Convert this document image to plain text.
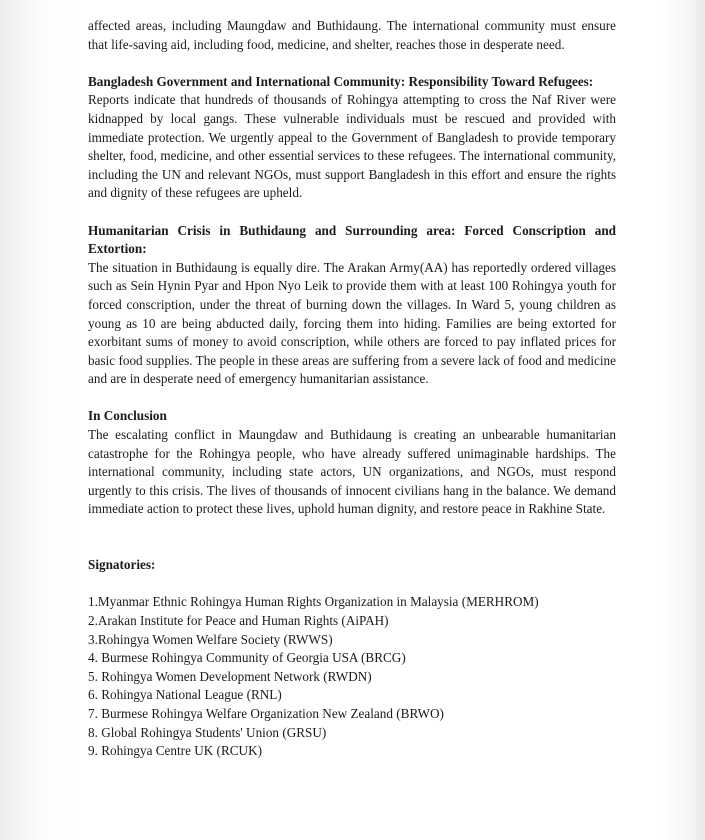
affected areas, including Maungdaw and Buthidaung. The international community must ensure that life-saving aid, including food, medicine, and shelter, reaches those in desperate need.

Bangladesh Government and International Community: Responsibility Toward Refugees:

Reports indicate that hundreds of thousands of Rohingya attempting to cross the Naf River were kidnapped by local gangs. These vulnerable individuals must be rescued and provided with immediate protection. We urgently appeal to the Government of Bangladesh to provide temporary shelter, food, medicine, and other essential services to these refugees. The international community, including the UN and relevant NGOs, must support Bangladesh in this effort and ensure the rights and dignity of these refugees are upheld.

Humanitarian Crisis in Buthidaung and Surrounding area: Forced Conscription and Extortion:

The situation in Buthidaung is equally dire. The Arakan Army(AA) has reportedly ordered villages such as Sein Hynin Pyar and Hpon Nyo Leik to provide them with at least 100 Rohingya youth for forced conscription, under the threat of burning down the villages. In Ward 5, young children as young as 10 are being abducted daily, forcing them into hiding. Families are being extorted for exorbitant sums of money to avoid conscription, while others are forced to pay inflated prices for basic food supplies. The people in these areas are suffering from a severe lack of food and medicine and are in desperate need of emergency humanitarian assistance.

In Conclusion

The escalating conflict in Maungdaw and Buthidaung is creating an unbearable humanitarian catastrophe for the Rohingya people, who have already suffered unimaginable hardships. The international community, including state actors, UN organizations, and NGOs, must respond urgently to this crisis. The lives of thousands of innocent civilians hang in the balance. We demand immediate action to protect these lives, uphold human dignity, and restore peace in Rakhine State.

Signatories:

1.Myanmar Ethnic Rohingya Human Rights Organization in Malaysia (MERHROM)
2.Arakan Institute for Peace and Human Rights (AiPAH)
3.Rohingya Women Welfare Society (RWWS)
4. Burmese Rohingya Community of Georgia USA (BRCG)
5. Rohingya Women Development Network (RWDN)
6. Rohingya National League (RNL)
7. Burmese Rohingya Welfare Organization New Zealand (BRWO)
8. Global Rohingya Students' Union (GRSU)
9. Rohingya Centre UK (RCUK)
